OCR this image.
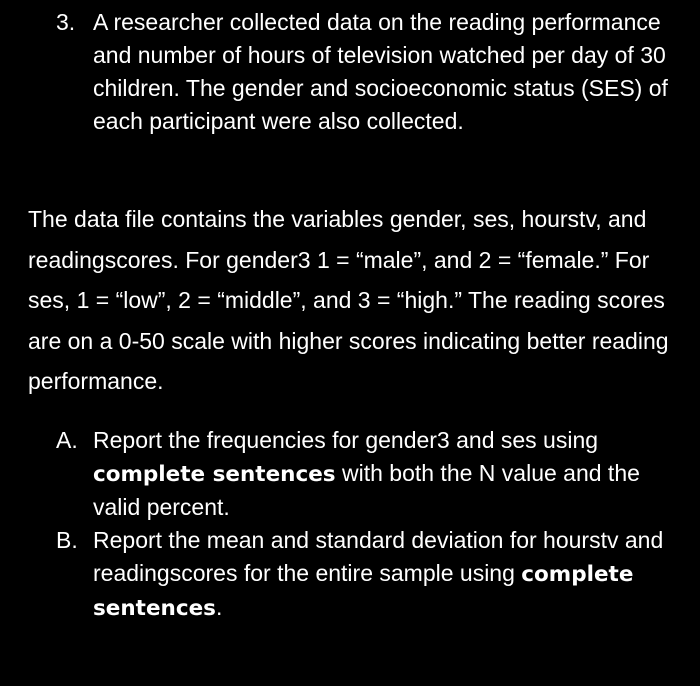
3. A researcher collected data on the reading performance and number of hours of television watched per day of 30 children. The gender and socioeconomic status (SES) of each participant were also collected.
The data file contains the variables gender, ses, hourstv, and readingscores. For gender3 1 = “male”, and 2 = “female.” For ses, 1 = “low”, 2 = “middle”, and 3 = “high.” The reading scores are on a 0-50 scale with higher scores indicating better reading performance.
A. Report the frequencies for gender3 and ses using complete sentences with both the N value and the valid percent.
B. Report the mean and standard deviation for hourstv and readingscores for the entire sample using complete sentences.
